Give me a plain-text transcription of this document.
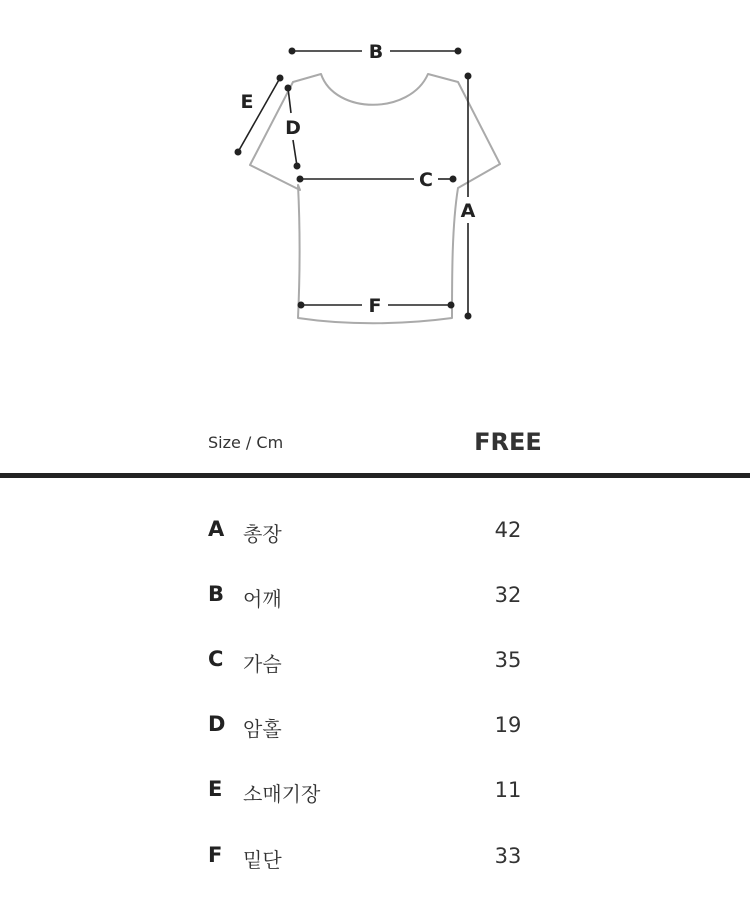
B
E
D
C
A
F
Size / Cm	FREE
A 총장	42
B 어깨	32
C 가슴	35
D 암홀	19
E 소매기장	11
F 밑단	33
